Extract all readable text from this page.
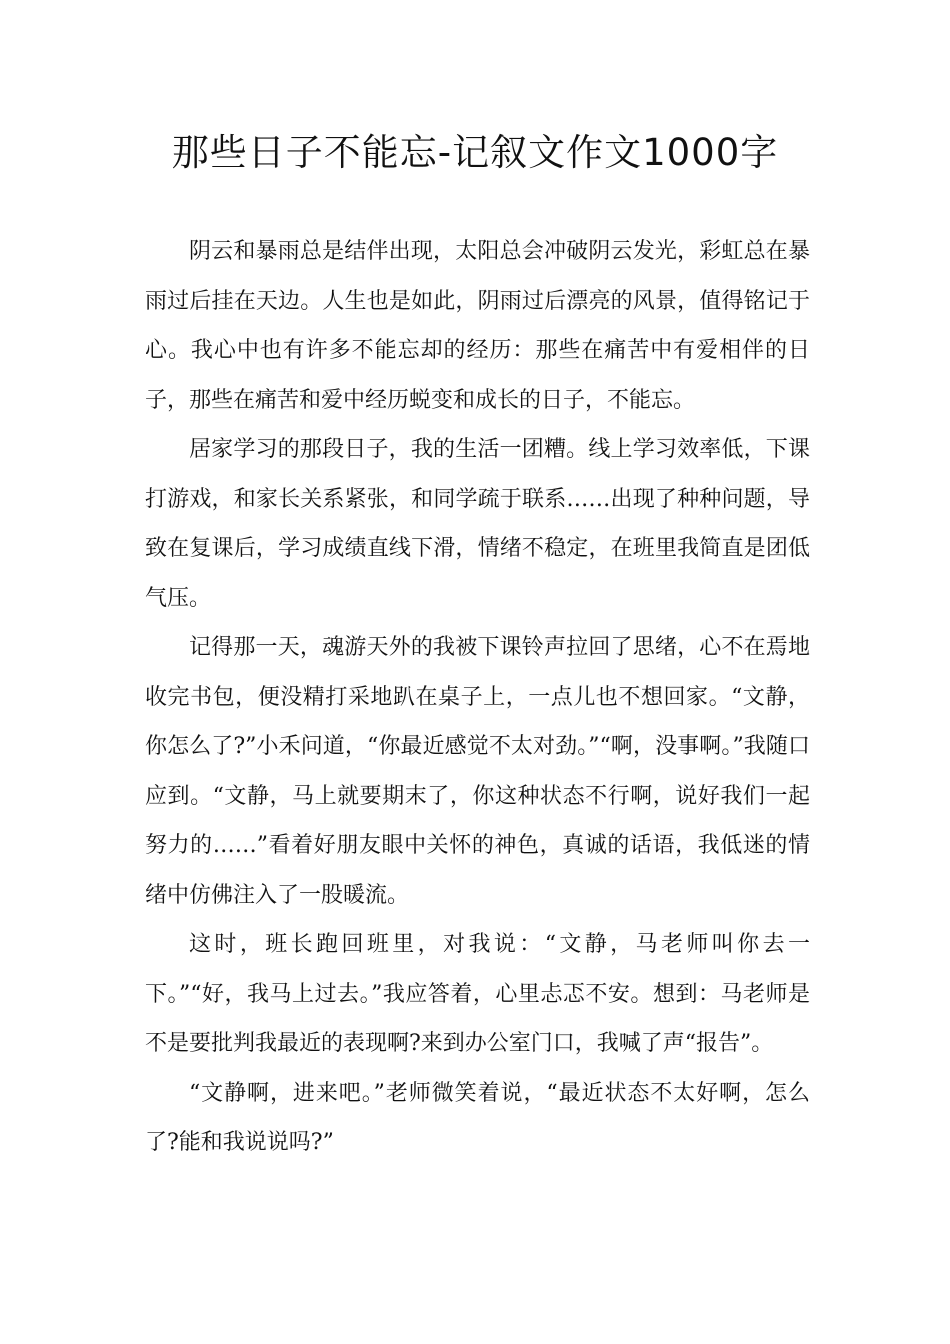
那些日子不能忘-记叙文作文1000字

阴云和暴雨总是结伴出现，太阳总会冲破阴云发光，彩虹总在暴雨过后挂在天边。人生也是如此，阴雨过后漂亮的风景，值得铭记于心。我心中也有许多不能忘却的经历：那些在痛苦中有爱相伴的日子，那些在痛苦和爱中经历蜕变和成长的日子，不能忘。

居家学习的那段日子，我的生活一团糟。线上学习效率低，下课打游戏，和家长关系紧张，和同学疏于联系……出现了种种问题，导致在复课后，学习成绩直线下滑，情绪不稳定，在班里我简直是团低气压。

记得那一天，魂游天外的我被下课铃声拉回了思绪，心不在焉地收完书包，便没精打采地趴在桌子上，一点儿也不想回家。“文静，你怎么了?”小禾问道，“你最近感觉不太对劲。”“啊，没事啊。”我随口应到。“文静，马上就要期末了，你这种状态不行啊，说好我们一起努力的……”看着好朋友眼中关怀的神色，真诚的话语，我低迷的情绪中仿佛注入了一股暖流。

这时，班长跑回班里，对我说：“文静，马老师叫你去一下。”“好，我马上过去。”我应答着，心里忐忑不安。想到：马老师是不是要批判我最近的表现啊?来到办公室门口，我喊了声“报告”。

“文静啊，进来吧。”老师微笑着说，“最近状态不太好啊，怎么了?能和我说说吗?”
